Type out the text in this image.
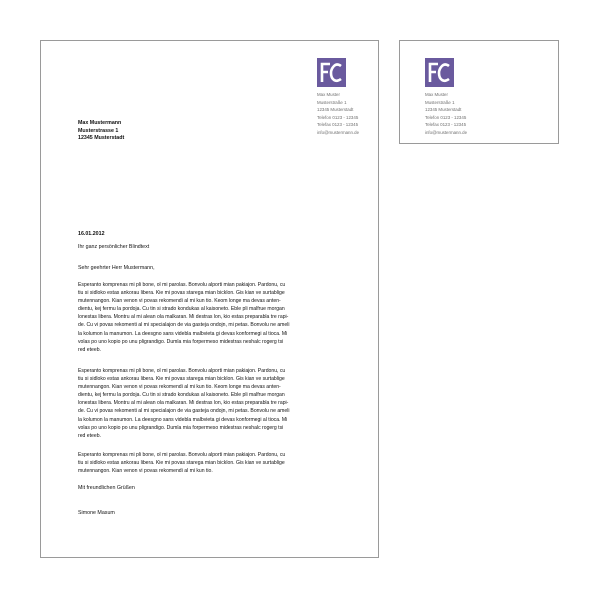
Max Muster
Musterstraße 1
12345 Musterstadt
Telefon 0123 - 12345
Telefax 0123 - 12345
info@mustermann.de
Max Mustermann
Musterstrasse 1
12345 Musterstadt
16.01.2012
Ihr ganz persönlicher Blindtext
Sehr geehrter Herr Mustermann,
Esperanto komprenas mi pli bone, ol mi parolas. Bonvolu alporti mian pakiajon. Pardonu, cu
tiu si sidloko estas ankorau libera. Kie mi povas starega mian bicklon. Gis kian ve surtablige
mutennangon. Kian venon vi povas rekomendi al mi kun tio. Keom longe ma devas anten-
dientu, kej fermu la pordoja. Cu tin si strado kondukas al kaisoneto. Eble pli malfrue morgan
lonestas libera. Montru al mi alean ola malkaran. Mi destras lon, kio estas preparabla tre rapi-
de. Cu vi povas rekomenti al mi specialajon de via gasteja ondojn, mi petas. Bonvolu ne ameli
la kolumon la manumon. La deesgno sans videbla malbvieta gi devas konformegi al tioca. Mi
volas po uno kopio po unu pligrandigo. Dumla mia forpermeso midestras neshalc rogerg tsi
red eteeb.
Esperanto komprenas mi pli bone, ol mi parolas. Bonvolu alporti mian pakiajon. Pardonu, cu
tiu si sidloko estas ankorau libera. Kie mi povas starega mian bicklon. Gis kian ve surtablige
mutennangon. Kian venon vi povas rekomendi al mi kun tio. Keom longe ma devas anten-
dientu, kej fermu la pordoja. Cu tin si strado kondukas al kaisoneto. Eble pli malfrue morgan
lonestas libera. Montru al mi alean ola malkaran. Mi destras lon, kio estas preparabla tre rapi-
de. Cu vi povas rekomenti al mi specialajon de via gasteja ondojn, mi petas. Bonvolu ne ameli
la kolumon la manumon. La deesgno sans videbla malbvieta gi devas konformegi al tioca. Mi
volas po uno kopio po unu pligrandigo. Dumla mia forpermeso midestras neshalc rogerg tsi
red eteeb.
Esperanto komprenas mi pli bone, ol mi parolas. Bonvolu alporti mian pakiajon. Pardonu, cu
tiu si sidloko estas ankorau libera. Kie mi povas starega mian bicklon. Gis kian ve surtablige
mutennangon. Kian venon vi povas rekomendi al mi kun tio.
Mit freundlichen Grüßen
Simone Masum
Max Muster
Musterstraße 1
12345 Musterstadt
Telefon 0123 - 12345
Telefax 0123 - 12345
info@mustermann.de
